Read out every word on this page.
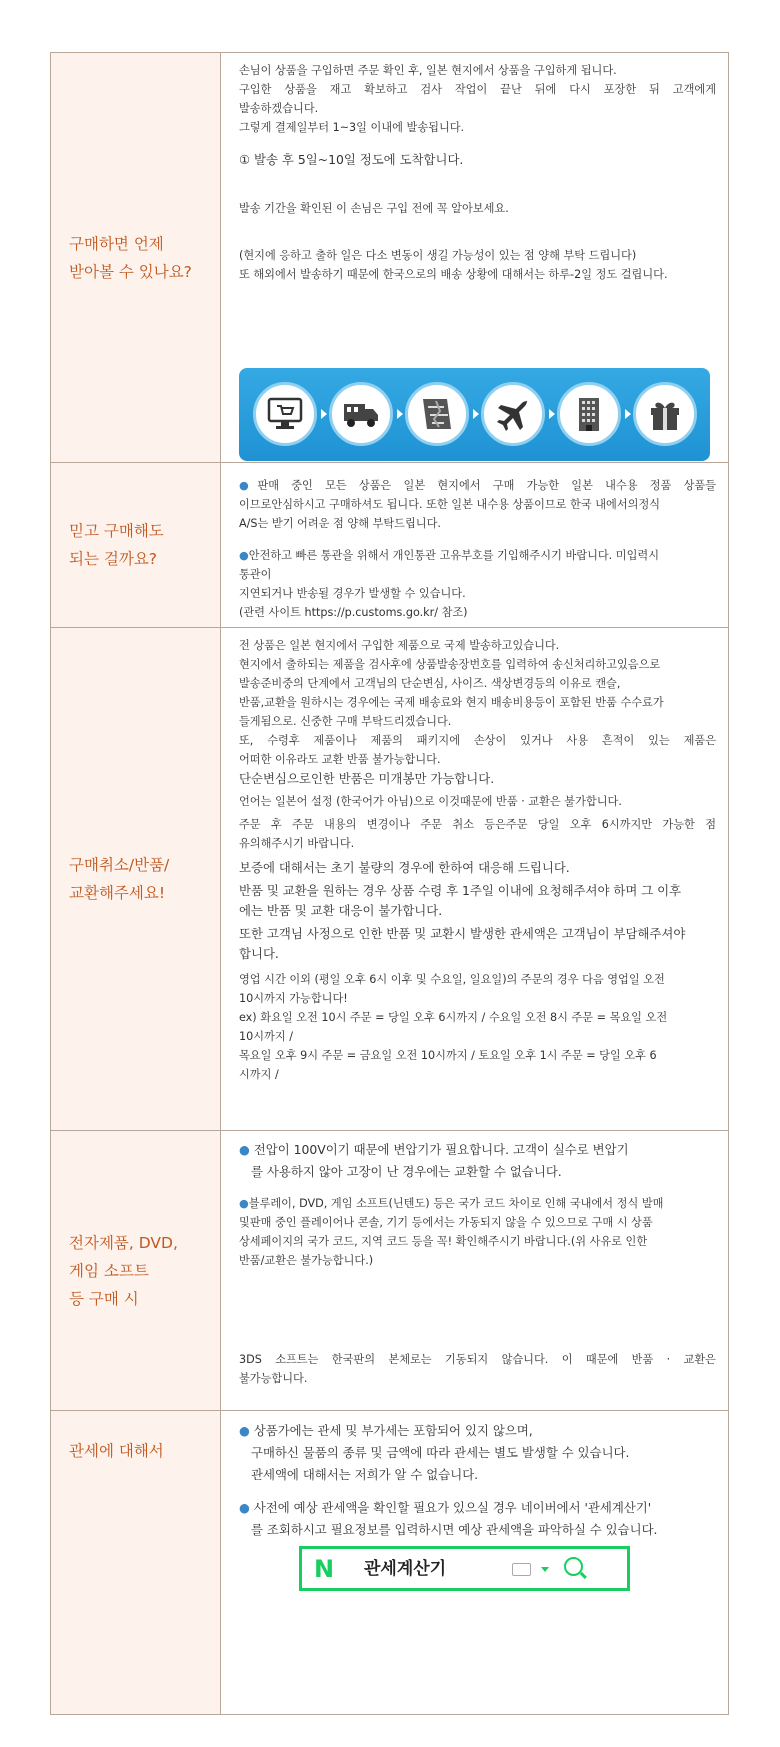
구매하면 언제
받아볼 수 있나요?
손님이 상품을 구입하면 주문 확인 후, 일본 현지에서 상품을 구입하게 됩니다.
구입한 상품을 재고 확보하고 검사 작업이 끝난 뒤에 다시 포장한 뒤 고객에게
발송하겠습니다.
그렇게 결제일부터 1~3일 이내에 발송됩니다.
① 발송 후 5일~10일 정도에 도착합니다.
발송 기간을 확인된 이 손님은 구입 전에 꼭 알아보세요.
(현지에 응하고 출하 일은 다소 변동이 생길 가능성이 있는 점 양해 부탁 드립니다)
또 해외에서 발송하기 때문에 한국으로의 배송 상황에 대해서는 하루-2일 정도 걸립니다.
믿고 구매해도
되는 걸까요?
●판매 중인 모든 상품은 일본 현지에서 구매 가능한 일본 내수용 정품 상품들
이므로안심하시고 구매하셔도 됩니다. 또한 일본 내수용 상품이므로 한국 내에서의정식
A/S는 받기 어려운 점 양해 부탁드립니다.
●안전하고 빠른 통관을 위해서 개인통관 고유부호를 기입해주시기 바랍니다. 미입력시
통관이
지연되거나 반송될 경우가 발생할 수 있습니다.
(관련 사이트 https://p.customs.go.kr/ 참조)
구매취소/반품/
교환해주세요!
전 상품은 일본 현지에서 구입한 제품으로 국제 발송하고있습니다.
현지에서 출하되는 제품을 검사후에 상품발송장번호를 입력하여 송신처리하고있음으로
발송준비중의 단계에서 고객님의 단순변심, 사이즈. 색상변경등의 이유로 캔슬,
반품,교환을 원하시는 경우에는 국제 배송료와 현지 배송비용등이 포함된 반품 수수료가
들게됨으로. 신중한 구매 부탁드리겠습니다.
또, 수령후 제품이나 제품의 패키지에 손상이 있거나 사용 흔적이 있는 제품은
어떠한 이유라도 교환 반품 불가능합니다.
단순변심으로인한 반품은 미개봉만 가능합니다.
언어는 일본어 설정 (한국어가 아님)으로 이것때문에 반품 · 교환은 불가합니다.
주문 후 주문 내용의 변경이나 주문 취소 등은주문 당일 오후 6시까지만 가능한 점
유의해주시기 바랍니다.
보증에 대해서는 초기 불량의 경우에 한하여 대응해 드립니다.
반품 및 교환을 원하는 경우 상품 수령 후 1주일 이내에 요청해주셔야 하며 그 이후
에는 반품 및 교환 대응이 불가합니다.
또한 고객님 사정으로 인한 반품 및 교환시 발생한 관세액은 고객님이 부담해주셔야
합니다.
영업 시간 이외 (평일 오후 6시 이후 및 수요일, 일요일)의 주문의 경우 다음 영업일 오전
10시까지 가능합니다!
ex) 화요일 오전 10시 주문 = 당일 오후 6시까지 / 수요일 오전 8시 주문 = 목요일 오전
10시까지 /
목요일 오후 9시 주문 = 금요일 오전 10시까지 / 토요일 오후 1시 주문 = 당일 오후 6
시까지 /
전자제품, DVD,
게임 소프트
등 구매 시
● 전압이 100V이기 때문에 변압기가 필요합니다. 고객이 실수로 변압기
를 사용하지 않아 고장이 난 경우에는 교환할 수 없습니다.
●블루레이, DVD, 게임 소프트(닌텐도) 등은 국가 코드 차이로 인해 국내에서 정식 발매
및판매 중인 플레이어나 콘솔, 기기 등에서는 가동되지 않을 수 있으므로 구매 시 상품
상세페이지의 국가 코드, 지역 코드 등을 꼭! 확인해주시기 바랍니다.(위 사유로 인한
반품/교환은 불가능합니다.)
3DS 소프트는 한국판의 본체로는 기동되지 않습니다. 이 때문에 반품 · 교환은
불가능합니다.
관세에 대해서
● 상품가에는 관세 및 부가세는 포함되어 있지 않으며,
구매하신 물품의 종류 및 금액에 따라 관세는 별도 발생할 수 있습니다.
관세액에 대해서는 저희가 알 수 없습니다.
● 사전에 예상 관세액을 확인할 필요가 있으실 경우 네이버에서 '관세계산기'
를 조회하시고 필요정보를 입력하시면 예상 관세액을 파악하실 수 있습니다.
N 관세계산기
